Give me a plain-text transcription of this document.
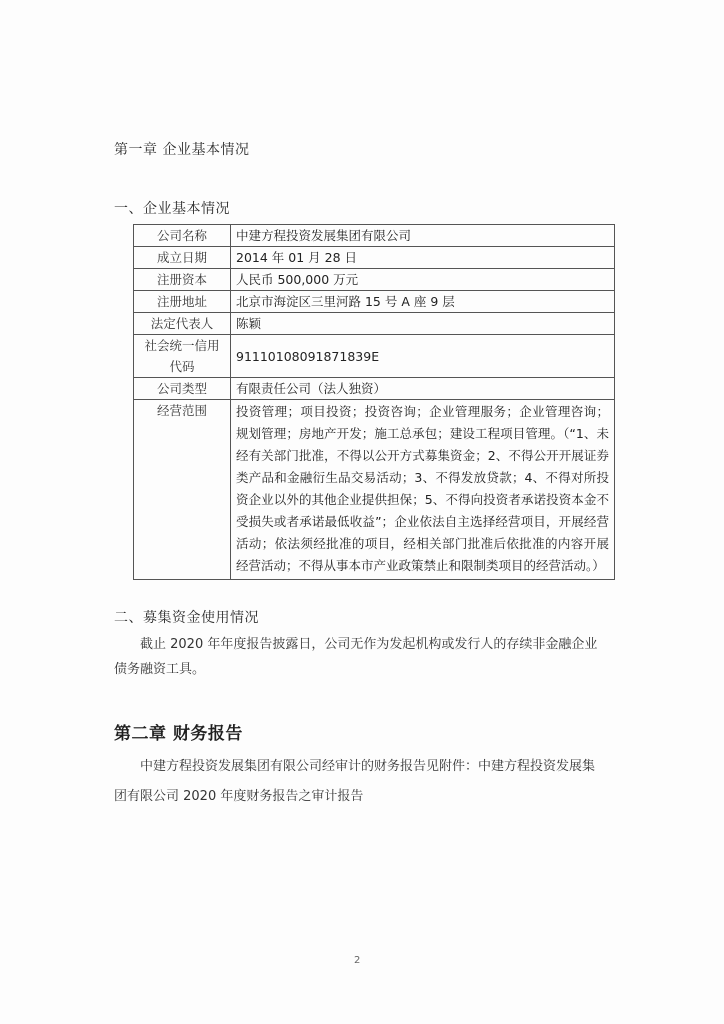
第一章 企业基本情况
一、企业基本情况
公司名称	中建方程投资发展集团有限公司
成立日期	2014 年 01 月 28 日
注册资本	人民币 500,000 万元
注册地址	北京市海淀区三里河路 15 号 A 座 9 层
法定代表人	陈颖
社会统一信用代码	91110108091871839E
公司类型	有限责任公司（法人独资）
经营范围	投资管理；项目投资；投资咨询；企业管理服务；企业管理咨询；规划管理；房地产开发；施工总承包；建设工程项目管理。（“1、未经有关部门批准，不得以公开方式募集资金；2、不得公开开展证券类产品和金融衍生品交易活动；3、不得发放贷款；4、不得对所投资企业以外的其他企业提供担保；5、不得向投资者承诺投资本金不受损失或者承诺最低收益”；企业依法自主选择经营项目，开展经营活动；依法须经批准的项目，经相关部门批准后依批准的内容开展经营活动；不得从事本市产业政策禁止和限制类项目的经营活动。）
二、募集资金使用情况
截止 2020 年年度报告披露日，公司无作为发起机构或发行人的存续非金融企业债务融资工具。
第二章 财务报告
中建方程投资发展集团有限公司经审计的财务报告见附件：中建方程投资发展集团有限公司 2020 年度财务报告之审计报告
2
